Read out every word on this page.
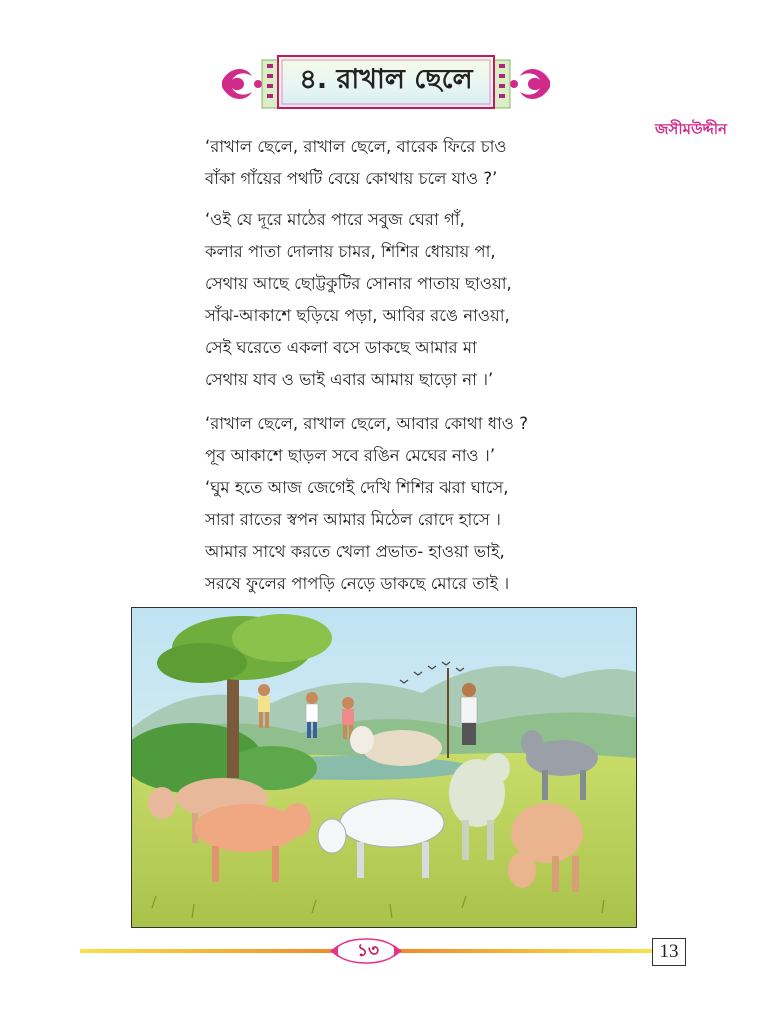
৪. রাখাল ছেলে
জসীমউদ্দীন
‘রাখাল ছেলে, রাখাল ছেলে, বারেক ফিরে চাও
বাঁকা গাঁয়ের পথটি বেয়ে কোথায় চলে যাও ?’
‘ওই যে দূরে মাঠের পারে সবুজ ঘেরা গাঁ,
কলার পাতা দোলায় চামর, শিশির ধোয়ায় পা,
সেথায় আছে ছোট্টকুটির সোনার পাতায় ছাওয়া,
সাঁঝ-আকাশে ছড়িয়ে পড়া, আবির রঙে নাওয়া,
সেই ঘরেতে একলা বসে ডাকছে আমার মা
সেথায় যাব ও ভাই এবার আমায় ছাড়ো না ।’
‘রাখাল ছেলে, রাখাল ছেলে, আবার কোথা ধাও ?
পূব আকাশে ছাড়ল সবে রঙিন মেঘের নাও ।’
‘ঘুম হতে আজ জেগেই দেখি শিশির ঝরা ঘাসে,
সারা রাতের স্বপন আমার মিঠেল রোদে হাসে ।
আমার সাথে করতে খেলা প্রভাত- হাওয়া ভাই,
সরষে ফুলের পাপড়ি নেড়ে ডাকছে মোরে তাই ।
১৩	13
